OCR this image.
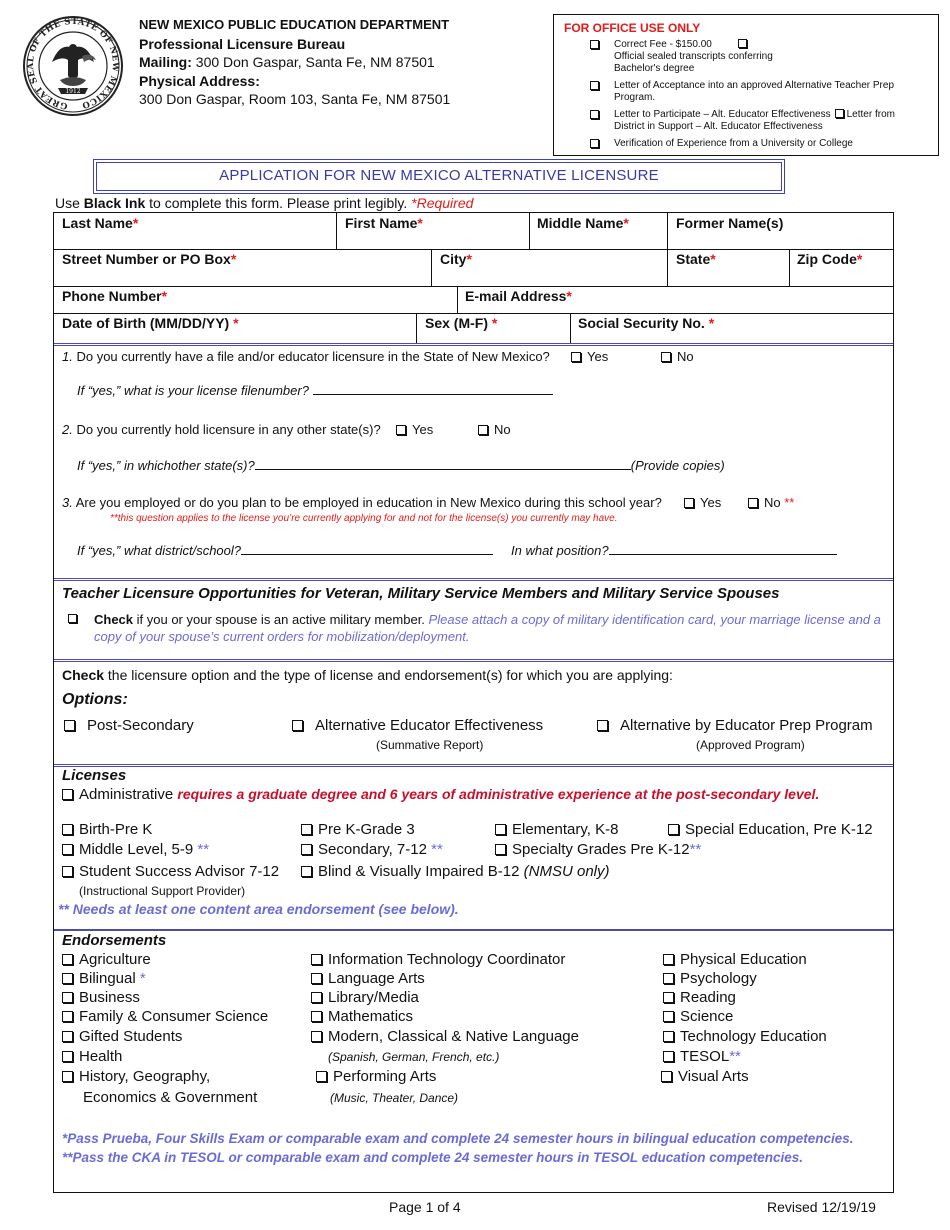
GREAT SEAL OF THE STATE OF NEW MEXICO
1912
NEW MEXICO PUBLIC EDUCATION DEPARTMENT
Professional Licensure Bureau
Mailing: 300 Don Gaspar, Santa Fe, NM 87501
Physical Address:
300 Don Gaspar, Room 103, Santa Fe, NM 87501
FOR OFFICE USE ONLY
Correct Fee - $150.00Official sealed transcripts conferring Bachelor's degree
Letter of Acceptance into an approved Alternative Teacher Prep Program.
Letter to Participate – Alt. Educator Effectiveness Letter from District in Support – Alt. Educator Effectiveness
Verification of Experience from a University or College
APPLICATION FOR NEW MEXICO ALTERNATIVE LICENSURE
Use Black Ink to complete this form. Please print legibly. *Required
Last Name*	First Name*	Middle Name*	Former Name(s)
Street Number or PO Box*	City*	State*	Zip Code*
Phone Number*	E-mail Address*
Date of Birth (MM/DD/YY) *	Sex (M-F) *	Social Security No. *
1. Do you currently have a file and/or educator licensure in the State of New Mexico?	Yes	No
If “yes,” what is your license filenumber?
2. Do you currently hold licensure in any other state(s)?	Yes	No
If “yes,” in whichother state(s)?	(Provide copies)
3. Are you employed or do you plan to be employed in education in New Mexico during this school year?	Yes	No **
**this question applies to the license you’re currently applying for and not for the license(s) you currently may have.
If “yes,” what district/school?	In what position?
Teacher Licensure Opportunities for Veteran, Military Service Members and Military Service Spouses
Check if you or your spouse is an active military member. Please attach a copy of military identification card, your marriage license and a copy of your spouse’s current orders for mobilization/deployment.
Check the licensure option and the type of license and endorsement(s) for which you are applying:
Options:
Post-Secondary	Alternative Educator Effectiveness
(Summative Report)
Alternative by Educator Prep Program
(Approved Program)
Licenses
Administrative requires a graduate degree and 6 years of administrative experience at the post-secondary level.
Birth-Pre K	Pre K-Grade 3	Elementary, K-8	Special Education, Pre K-12
Middle Level, 5-9 **	Secondary, 7-12 **	Specialty Grades Pre K-12**
Student Success Advisor 7-12
(Instructional Support Provider)
Blind & Visually Impaired B-12 (NMSU only)
** Needs at least one content area endorsement (see below).
Endorsements
Agriculture
Bilingual *
Business
Family & Consumer Science
Gifted Students
Health
History, Geography,
Economics & Government
Information Technology Coordinator
Language Arts
Library/Media
Mathematics
Modern, Classical & Native Language
(Spanish, German, French, etc.)
Performing Arts
(Music, Theater, Dance)
Physical Education
Psychology
Reading
Science
Technology Education
TESOL**
Visual Arts
*Pass Prueba, Four Skills Exam or comparable exam and complete 24 semester hours in bilingual education competencies.
**Pass the CKA in TESOL or comparable exam and complete 24 semester hours in TESOL education competencies.
Page 1 of 4	Revised 12/19/19
